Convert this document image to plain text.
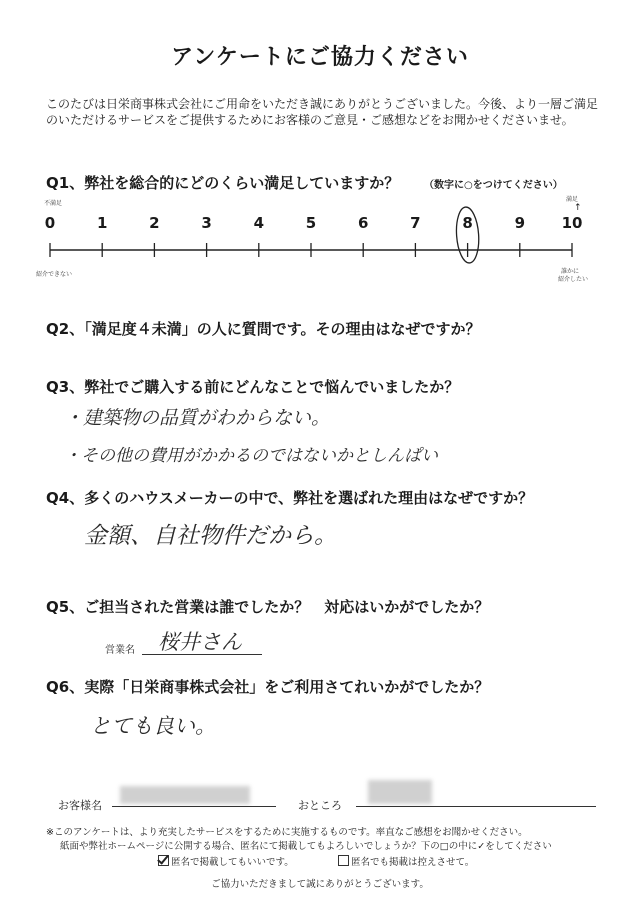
アンケートにご協力ください
このたびは日栄商事株式会社にご用命をいただき誠にありがとうございました。今後、より一層ご満足のいただけるサービスをご提供するためにお客様のご意見・ご感想などをお聞かせくださいませ。
Q1、弊社を総合的にどのくらい満足していますか？ （数字に○をつけてください）
不満足
満足
↑
0	1	2	3	4	5	6	7	8	9	10
紹介できない	誰かに
紹介したい
Q2、「満足度４未満」の人に質問です。その理由はなぜですか？
Q3、弊社でご購入する前にどんなことで悩んでいましたか？
・建築物の品質がわからない。
・その他の費用がかかるのではないかとしんぱい
Q4、多くのハウスメーカーの中で、弊社を選ばれた理由はなぜですか？
金額、自社物件だから。
Q5、ご担当された営業は誰でしたか？　対応はいかがでしたか？
営業名 桜井さん
Q6、実際「日栄商事株式会社」をご利用さてれいかがでしたか？
とても良い。
お客様名	おところ
※このアンケートは、より充実したサービスをするために実施するものです。率直なご感想をお聞かせください。
紙面や弊社ホームページに公開する場合、匿名にて掲載してもよろしいでしょうか？下の□の中に✓をしてください
匿名で掲載してもいいです。	匿名でも掲載は控えさせて。
ご協力いただきまして誠にありがとうございます。
